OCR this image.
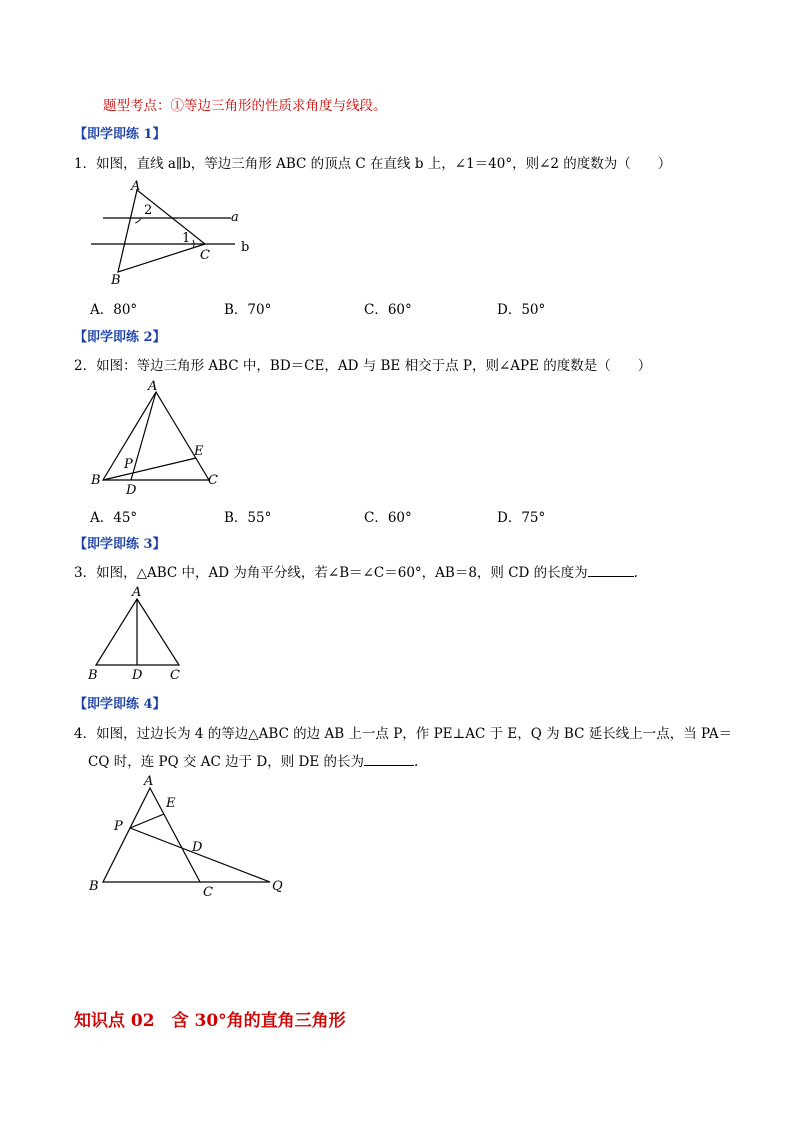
题型考点：①等边三角形的性质求角度与线段。
【即学即练 1】
1．如图，直线 a∥b，等边三角形 ABC 的顶点 C 在直线 b 上，∠1＝40°，则∠2 的度数为（　　）
A
B
C
1
2	a
b
A．80°	B．70°	C．60°	D．50°
【即学即练 2】
2．如图：等边三角形 ABC 中，BD＝CE，AD 与 BE 相交于点 P，则∠APE 的度数是（　　）
A
B	C
D
E
P
A．45°	B．55°	C．60°	D．75°
【即学即练 3】
3．如图，△ABC 中，AD 为角平分线，若∠B＝∠C＝60°，AB＝8，则 CD 的长度为	.
A
B	D C
【即学即练 4】
4．如图，过边长为 4 的等边△ABC 的边 AB 上一点 P，作 PE⊥AC 于 E，Q 为 BC 延长线上一点，当 PA＝
CQ 时，连 PQ 交 AC 边于 D，则 DE 的长为	.
A
E
P
D
B	C	Q
知识点 02　含 30°角的直角三角形
